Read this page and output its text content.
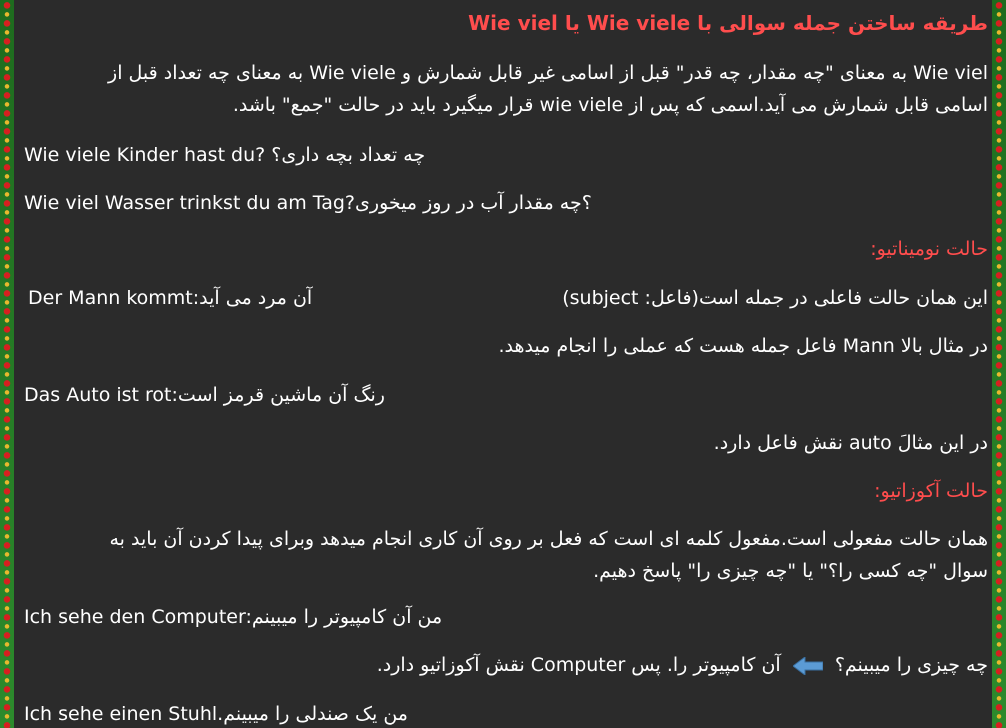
طریقه ساختن جمله سوالی با Wie viele یا Wie viel
Wie viel به معنای "چه مقدار، چه قدر" قبل از اسامی غیر قابل شمارش و Wie viele به معنای چه تعداد قبل از
اسامی قابل شمارش می آید.اسمی که پس از wie viele قرار میگیرد باید در حالت "جمع" باشد.
Wie viele Kinder hast du? چه تعداد بچه داری؟
Wie viel Wasser trinkst du am Tag?؟چه مقدار آب در روز میخوری
حالت نومیناتیو:
Der Mann kommt:آن مرد می آید	این همان حالت فاعلی در جمله است(فاعل: subject)
در مثال بالا Mann فاعل جمله هست که عملی را انجام میدهد.
Das Auto ist rot:رنگ آن ماشین قرمز است
در این مثالَ auto نقش فاعل دارد.
حالت آکوزاتیو:
همان حالت مفعولی است.مفعول کلمه ای است که فعل بر روی آن کاری انجام میدهد وبرای پیدا کردن آن باید به
سوال "چه کسی را؟" یا "چه چیزی را" پاسخ دهیم.
Ich sehe den Computer:من آن کامپیوتر را میبینم
چه چیزی را میبینم؟  آن کامپیوتر را. پس Computer نقش آکوزاتیو دارد.
Ich sehe einen Stuhl.من یک صندلی را میبینم
